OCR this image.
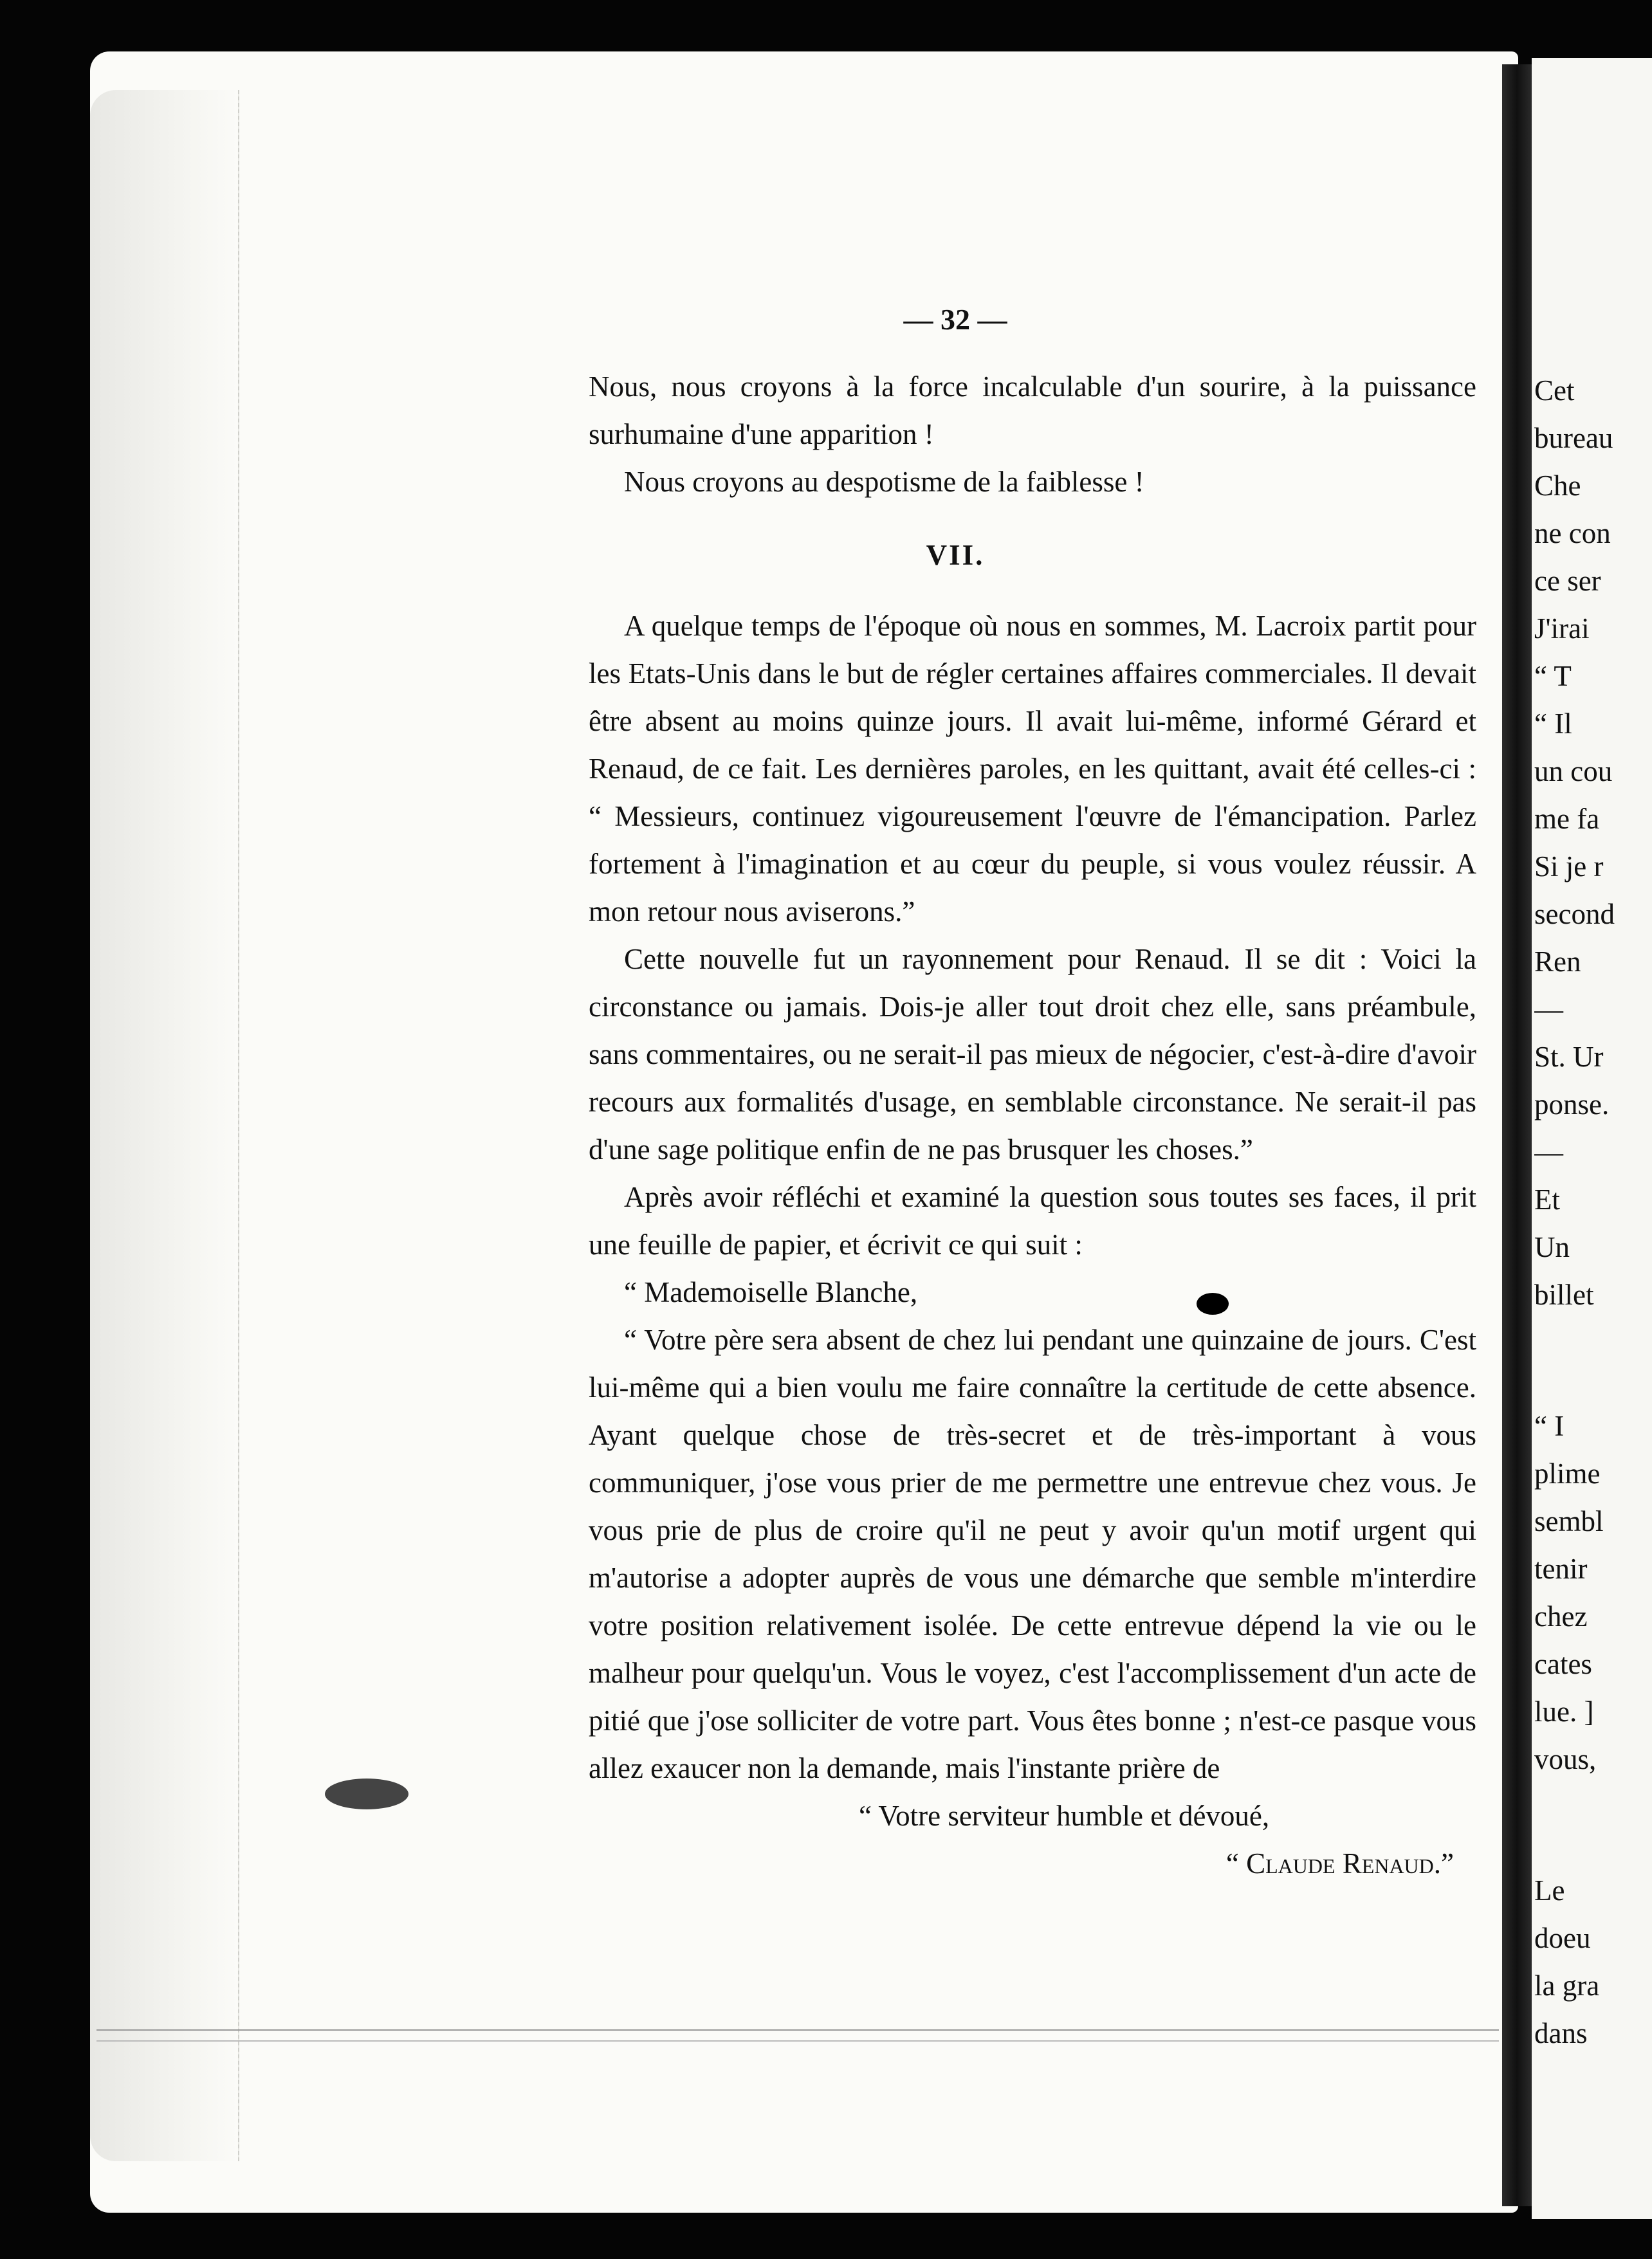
— 32 —

Nous, nous croyons à la force incalculable d'un sourire, à la puissance surhumaine d'une apparition !

Nous croyons au despotisme de la faiblesse !

VII.

A quelque temps de l'époque où nous en sommes, M. Lacroix partit pour les Etats-Unis dans le but de régler certaines affaires commerciales. Il devait être absent au moins quinze jours. Il avait lui-même, informé Gérard et Renaud, de ce fait. Les dernières paroles, en les quittant, avait été celles-ci : “ Messieurs, continuez vigoureusement l'œuvre de l'émancipation. Parlez fortement à l'imagination et au cœur du peuple, si vous voulez réussir. A mon retour nous aviserons.”

Cette nouvelle fut un rayonnement pour Renaud. Il se dit : Voici la circonstance ou jamais. Dois-je aller tout droit chez elle, sans préambule, sans commentaires, ou ne serait-il pas mieux de négocier, c'est-à-dire d'avoir recours aux formalités d'usage, en semblable circonstance. Ne serait-il pas d'une sage politique enfin de ne pas brusquer les choses.”

Après avoir réfléchi et examiné la question sous toutes ses faces, il prit une feuille de papier, et écrivit ce qui suit :

“ Mademoiselle Blanche,

“ Votre père sera absent de chez lui pendant une quinzaine de jours. C'est lui-même qui a bien voulu me faire connaître la certitude de cette absence. Ayant quelque chose de très-secret et de très-important à vous communiquer, j'ose vous prier de me permettre une entrevue chez vous. Je vous prie de plus de croire qu'il ne peut y avoir qu'un motif urgent qui m'autorise a adopter auprès de vous une démarche que semble m'interdire votre position relativement isolée. De cette entrevue dépend la vie ou le malheur pour quelqu'un. Vous le voyez, c'est l'accomplissement d'un acte de pitié que j'ose solliciter de votre part. Vous êtes bonne ; n'est-ce pasque vous allez exaucer non la demande, mais l'instante prière de

“ Votre serviteur humble et dévoué,

“ Claude Renaud.”

Cet
bureau
Che
ne con
ce ser
J'irai
“ T
“ Il
un cou
me fa
Si je r
second
Ren
—
St. Ur
ponse.
—
Et
Un
billet
“ I
plime
sembl
tenir
chez
cates
lue. ]
vous,
Le
doeu
la gra
dans
